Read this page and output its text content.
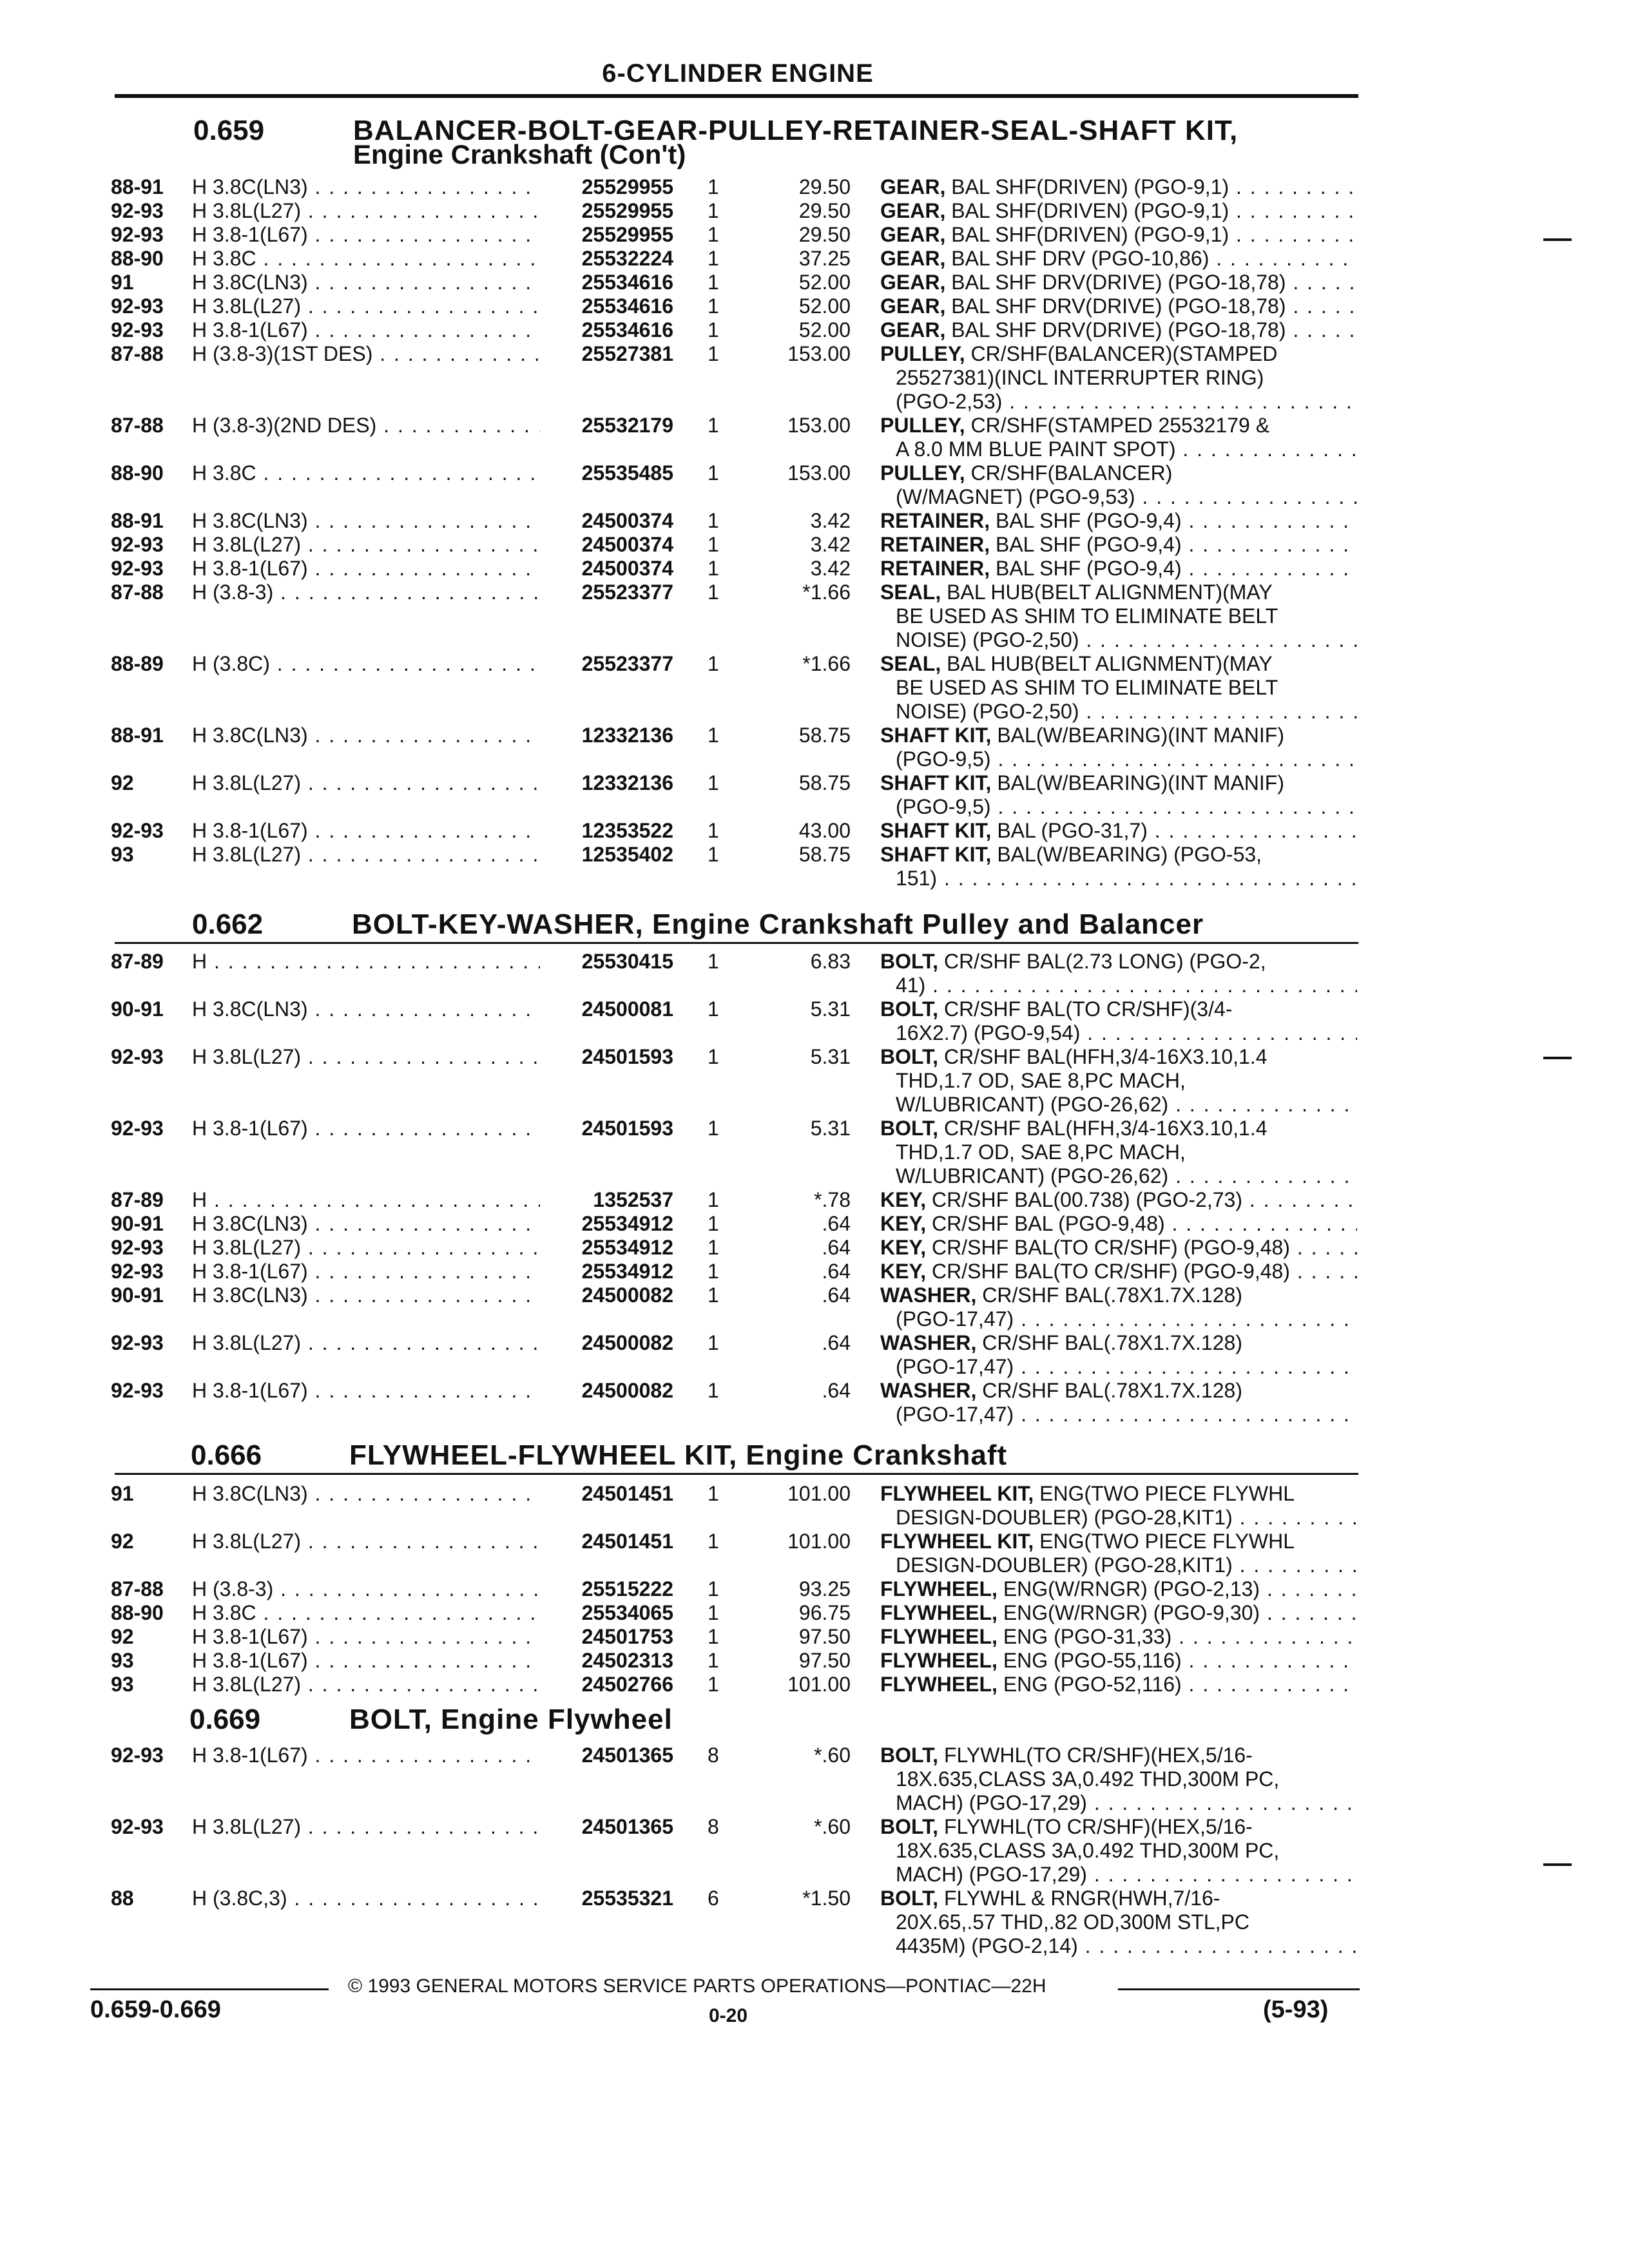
6-CYLINDER ENGINE
0.659	BALANCER-BOLT-GEAR-PULLEY-RETAINER-SEAL-SHAFT KIT,
Engine Crankshaft (Con't)
0.662	BOLT-KEY-WASHER, Engine Crankshaft Pulley and Balancer
0.666	FLYWHEEL-FLYWHEEL KIT, Engine Crankshaft
0.669	BOLT, Engine Flywheel
88-91 H 3.8C(LN3) . . .	25529955 1	29.50 GEAR, BAL SHF(DRIVEN) (PGO-9,1) . . .
92-93 H 3.8L(L27) . . .	25529955 1	29.50 GEAR, BAL SHF(DRIVEN) (PGO-9,1) . . .
92-93 H 3.8-1(L67) . . .	25529955 1	29.50 GEAR, BAL SHF(DRIVEN) (PGO-9,1) . . .
88-90 H 3.8C . . .	25532224 1	37.25 GEAR, BAL SHF DRV (PGO-10,86) . . .
91	H 3.8C(LN3) . . .	25534616 1	52.00 GEAR, BAL SHF DRV(DRIVE) (PGO-18,78) . . .
92-93 H 3.8L(L27) . . .	25534616 1	52.00 GEAR, BAL SHF DRV(DRIVE) (PGO-18,78) . . .
92-93 H 3.8-1(L67) . . .	25534616 1	52.00 GEAR, BAL SHF DRV(DRIVE) (PGO-18,78) . . .
87-88 H (3.8-3)(1ST DES) . . .	25527381 1	153.00 PULLEY, CR/SHF(BALANCER)(STAMPED
25527381)(INCL INTERRUPTER RING)
(PGO-2,53) . . .
87-88 H (3.8-3)(2ND DES) . . .	25532179 1	153.00 PULLEY, CR/SHF(STAMPED 25532179 &
A 8.0 MM BLUE PAINT SPOT) . . .
88-90 H 3.8C . . .	25535485 1	153.00 PULLEY, CR/SHF(BALANCER)
(W/MAGNET) (PGO-9,53) . . .
88-91 H 3.8C(LN3) . . .	24500374 1	3.42 RETAINER, BAL SHF (PGO-9,4) . . .
92-93 H 3.8L(L27) . . .	24500374 1	3.42 RETAINER, BAL SHF (PGO-9,4) . . .
92-93 H 3.8-1(L67) . . .	24500374 1	3.42 RETAINER, BAL SHF (PGO-9,4) . . .
87-88 H (3.8-3) . . .	25523377 1	*1.66 SEAL, BAL HUB(BELT ALIGNMENT)(MAY
BE USED AS SHIM TO ELIMINATE BELT
NOISE) (PGO-2,50) . . .
88-89 H (3.8C) . . .	25523377 1	*1.66 SEAL, BAL HUB(BELT ALIGNMENT)(MAY
BE USED AS SHIM TO ELIMINATE BELT
NOISE) (PGO-2,50) . . .
88-91 H 3.8C(LN3) . . .	12332136 1	58.75 SHAFT KIT, BAL(W/BEARING)(INT MANIF)
(PGO-9,5) . . .
92	H 3.8L(L27) . . .	12332136 1	58.75 SHAFT KIT, BAL(W/BEARING)(INT MANIF)
(PGO-9,5) . . .
92-93 H 3.8-1(L67) . . .	12353522 1	43.00 SHAFT KIT, BAL (PGO-31,7) . . .
93	H 3.8L(L27) . . .	12535402 1	58.75 SHAFT KIT, BAL(W/BEARING) (PGO-53,
151) . . .
87-89 H . . .	25530415 1	6.83 BOLT, CR/SHF BAL(2.73 LONG) (PGO-2,
41) . . .
90-91 H 3.8C(LN3) . . .	24500081 1	5.31 BOLT, CR/SHF BAL(TO CR/SHF)(3/4-
16X2.7) (PGO-9,54) . . .
92-93 H 3.8L(L27) . . .	24501593 1	5.31 BOLT, CR/SHF BAL(HFH,3/4-16X3.10,1.4
THD,1.7 OD, SAE 8,PC MACH,
W/LUBRICANT) (PGO-26,62) . . .
92-93 H 3.8-1(L67) . . .	24501593 1	5.31 BOLT, CR/SHF BAL(HFH,3/4-16X3.10,1.4
THD,1.7 OD, SAE 8,PC MACH,
W/LUBRICANT) (PGO-26,62) . . .
87-89 H . . .	1352537 1	*.78 KEY, CR/SHF BAL(00.738) (PGO-2,73) . . .
90-91 H 3.8C(LN3) . . .	25534912 1	.64 KEY, CR/SHF BAL (PGO-9,48) . . .
92-93 H 3.8L(L27) . . .	25534912 1	.64 KEY, CR/SHF BAL(TO CR/SHF) (PGO-9,48) . . .
92-93 H 3.8-1(L67) . . .	25534912 1	.64 KEY, CR/SHF BAL(TO CR/SHF) (PGO-9,48) . . .
90-91 H 3.8C(LN3) . . .	24500082 1	.64 WASHER, CR/SHF BAL(.78X1.7X.128)
(PGO-17,47) . . .
92-93 H 3.8L(L27) . . .	24500082 1	.64 WASHER, CR/SHF BAL(.78X1.7X.128)
(PGO-17,47) . . .
92-93 H 3.8-1(L67) . . .	24500082 1	.64 WASHER, CR/SHF BAL(.78X1.7X.128)
(PGO-17,47) . . .
91	H 3.8C(LN3) . . .	24501451 1	101.00 FLYWHEEL KIT, ENG(TWO PIECE FLYWHL
DESIGN-DOUBLER) (PGO-28,KIT1) . . .
92	H 3.8L(L27) . . .	24501451 1	101.00 FLYWHEEL KIT, ENG(TWO PIECE FLYWHL
DESIGN-DOUBLER) (PGO-28,KIT1) . . .
87-88 H (3.8-3) . . .	25515222 1	93.25 FLYWHEEL, ENG(W/RNGR) (PGO-2,13) . . .
88-90 H 3.8C . . .	25534065 1	96.75 FLYWHEEL, ENG(W/RNGR) (PGO-9,30) . . .
92	H 3.8-1(L67) . . .	24501753 1	97.50 FLYWHEEL, ENG (PGO-31,33) . . .
93	H 3.8-1(L67) . . .	24502313 1	97.50 FLYWHEEL, ENG (PGO-55,116) . . .
93	H 3.8L(L27) . . .	24502766 1	101.00 FLYWHEEL, ENG (PGO-52,116) . . .
92-93 H 3.8-1(L67) . . .	24501365 8	*.60 BOLT, FLYWHL(TO CR/SHF)(HEX,5/16-
18X.635,CLASS 3A,0.492 THD,300M PC,
MACH) (PGO-17,29) . . .
92-93 H 3.8L(L27) . . .	24501365 8	*.60 BOLT, FLYWHL(TO CR/SHF)(HEX,5/16-
18X.635,CLASS 3A,0.492 THD,300M PC,
MACH) (PGO-17,29) . . .
88	H (3.8C,3) . . .	25535321 6	*1.50 BOLT, FLYWHL & RNGR(HWH,7/16-
20X.65,.57 THD,.82 OD,300M STL,PC
4435M) (PGO-2,14) . . .
© 1993 GENERAL MOTORS SERVICE PARTS OPERATIONS—PONTIAC—22H
0.659-0.669	0-20	(5-93)
